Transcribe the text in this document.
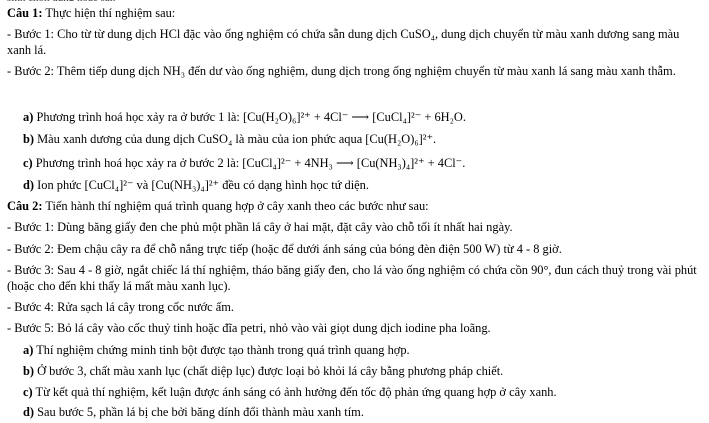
Câu 1: Thực hiện thí nghiệm sau:
- Bước 1: Cho từ từ dung dịch HCl đặc vào ống nghiệm có chứa sẵn dung dịch CuSO₄, dung dịch chuyển từ màu xanh dương sang màu xanh lá.
- Bước 2: Thêm tiếp dung dịch NH₃ đến dư vào ống nghiệm, dung dịch trong ống nghiệm chuyển từ màu xanh lá sang màu xanh thẫm.
a) Phương trình hoá học xảy ra ở bước 1 là: [Cu(H₂O)₆]²⁺ + 4Cl⁻ ⟶ [CuCl₄]²⁻ + 6H₂O.
b) Màu xanh dương của dung dịch CuSO₄ là màu của ion phức aqua [Cu(H₂O)₆]²⁺.
c) Phương trình hoá học xảy ra ở bước 2 là: [CuCl₄]²⁻ + 4NH₃ ⟶ [Cu(NH₃)₄]²⁺ + 4Cl⁻.
d) Ion phức [CuCl₄]²⁻ và [Cu(NH₃)₄]²⁺ đều có dạng hình học tứ diện.
Câu 2: Tiến hành thí nghiệm quá trình quang hợp ở cây xanh theo các bước như sau:
- Bước 1: Dùng băng giấy đen che phủ một phần lá cây ở hai mặt, đặt cây vào chỗ tối ít nhất hai ngày.
- Bước 2: Đem chậu cây ra để chỗ nắng trực tiếp (hoặc để dưới ánh sáng của bóng đèn điện 500 W) từ 4 - 8 giờ.
- Bước 3: Sau 4 - 8 giờ, ngắt chiếc lá thí nghiệm, tháo băng giấy đen, cho lá vào ống nghiệm có chứa cồn 90°, đun cách thuỷ trong vài phút (hoặc cho đến khi thấy lá mất màu xanh lục).
- Bước 4: Rửa sạch lá cây trong cốc nước ấm.
- Bước 5: Bỏ lá cây vào cốc thuỷ tinh hoặc đĩa petri, nhỏ vào vài giọt dung dịch iodine pha loãng.
a) Thí nghiệm chứng minh tinh bột được tạo thành trong quá trình quang hợp.
b) Ở bước 3, chất màu xanh lục (chất diệp lục) được loại bỏ khỏi lá cây bằng phương pháp chiết.
c) Từ kết quả thí nghiệm, kết luận được ánh sáng có ảnh hưởng đến tốc độ phản ứng quang hợp ở cây xanh.
d) Sau bước 5, phần lá bị che bởi băng dính đổi thành màu xanh tím.
